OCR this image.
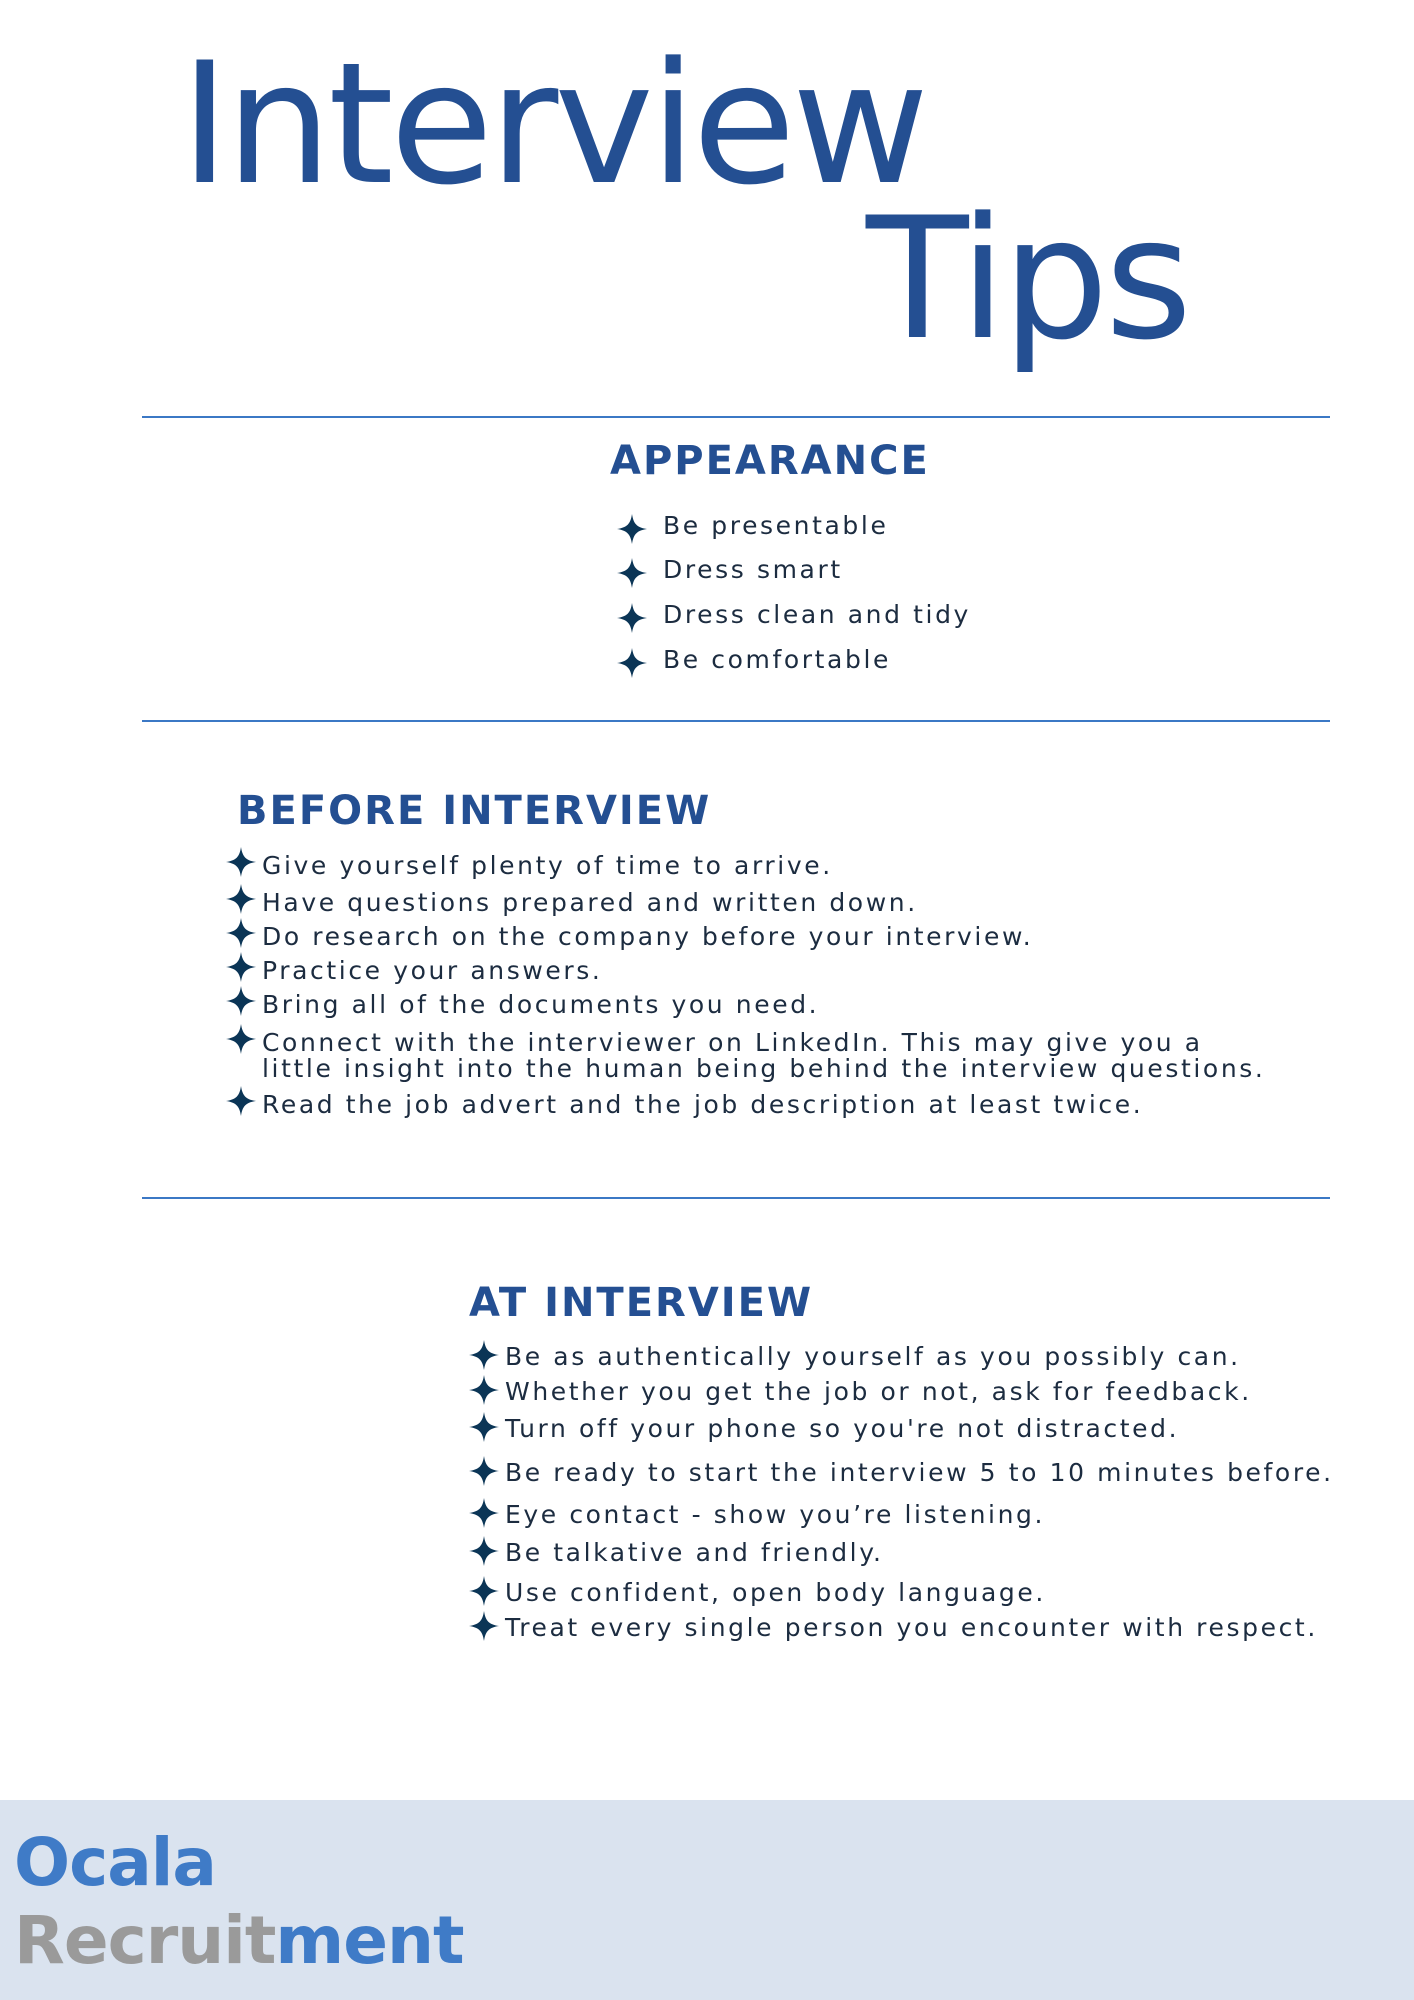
Interview
Tips
APPEARANCE
Be presentable
Dress smart
Dress clean and tidy
Be comfortable
BEFORE INTERVIEW
Give yourself plenty of time to arrive.
Have questions prepared and written down.
Do research on the company before your interview.
Practice your answers.
Bring all of the documents you need.
Connect with the interviewer on LinkedIn. This may give you a
little insight into the human being behind the interview questions.
Read the job advert and the job description at least twice.
AT INTERVIEW
Be as authentically yourself as you possibly can.
Whether you get the job or not, ask for feedback.
Turn off your phone so you're not distracted.
Be ready to start the interview 5 to 10 minutes before.
Eye contact - show you’re listening.
Be talkative and friendly.
Use confident, open body language.
Treat every single person you encounter with respect.
Ocala
Recruitment
